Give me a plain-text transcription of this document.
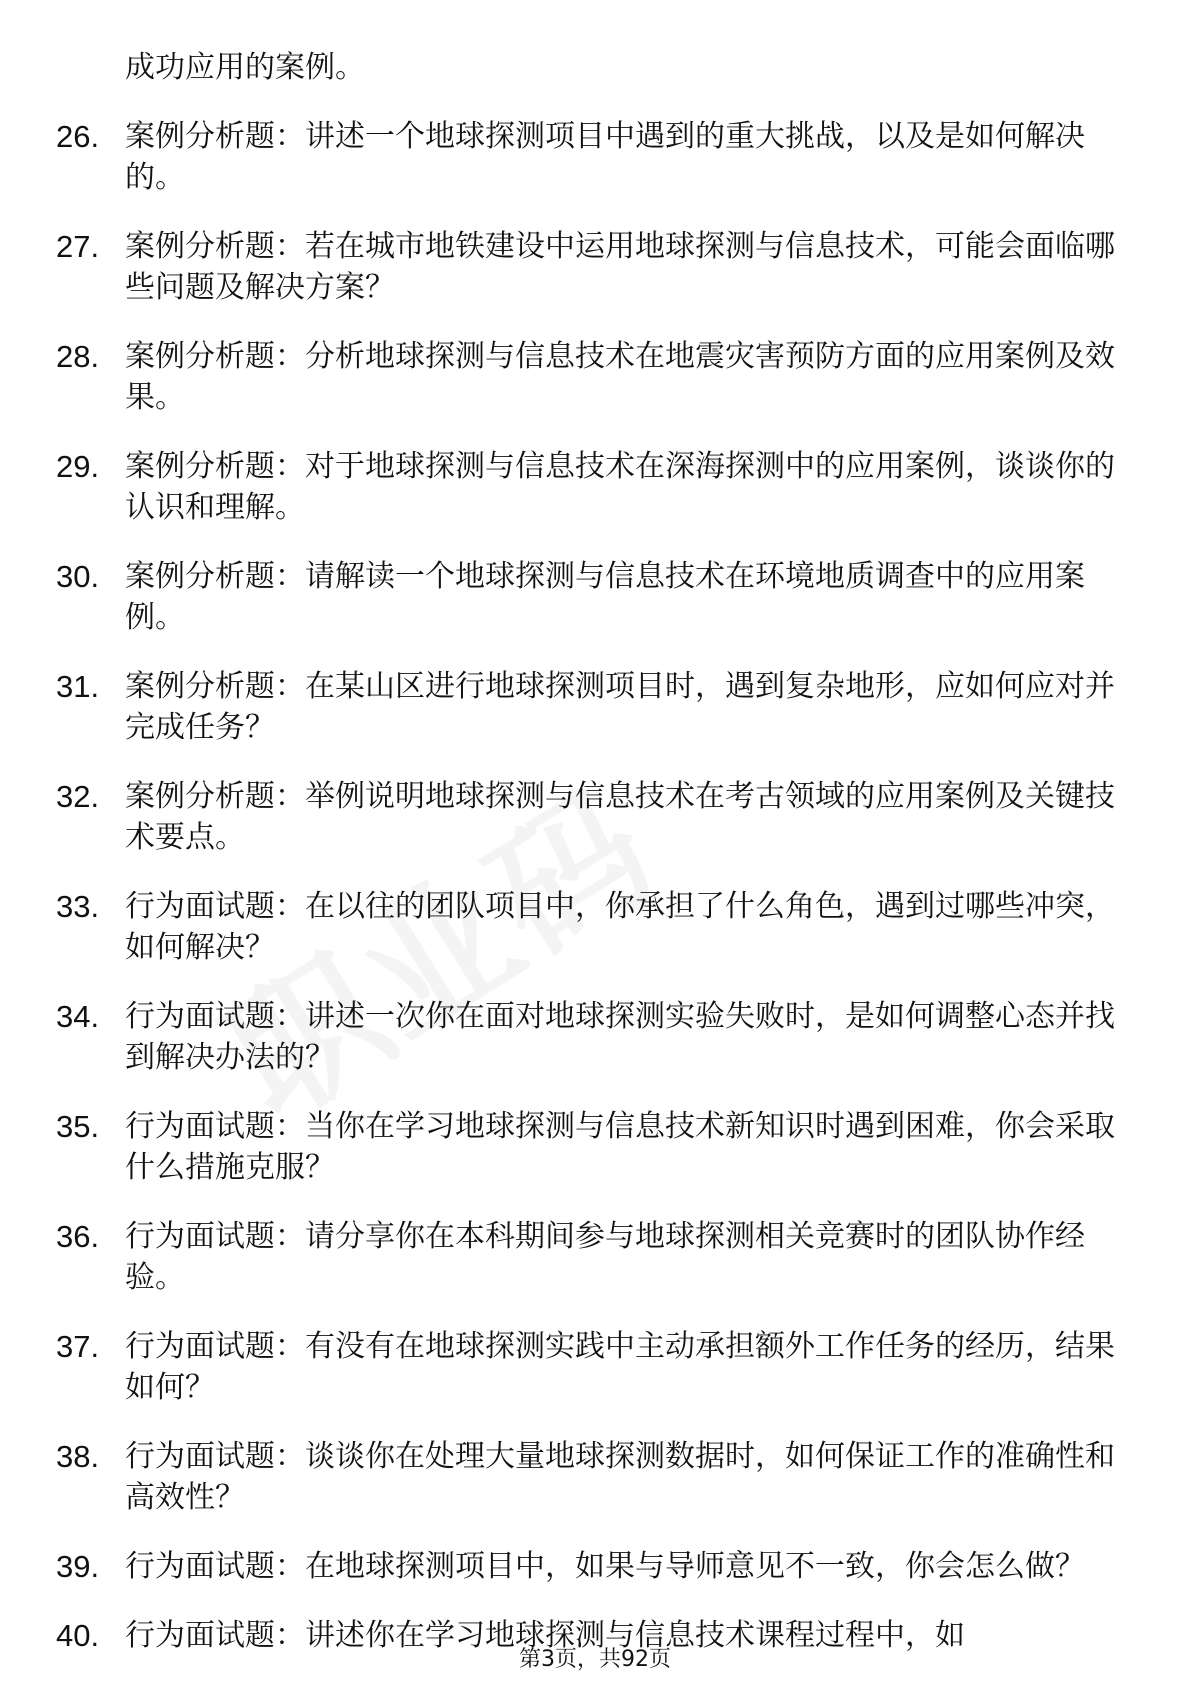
成功应用的案例。
26. 案例分析题：讲述一个地球探测项目中遇到的重大挑战，以及是如何解决的。
27. 案例分析题：若在城市地铁建设中运用地球探测与信息技术，可能会面临哪些问题及解决方案？
28. 案例分析题：分析地球探测与信息技术在地震灾害预防方面的应用案例及效果。
29. 案例分析题：对于地球探测与信息技术在深海探测中的应用案例，谈谈你的认识和理解。
30. 案例分析题：请解读一个地球探测与信息技术在环境地质调查中的应用案例。
31. 案例分析题：在某山区进行地球探测项目时，遇到复杂地形，应如何应对并完成任务？
32. 案例分析题：举例说明地球探测与信息技术在考古领域的应用案例及关键技术要点。
33. 行为面试题：在以往的团队项目中，你承担了什么角色，遇到过哪些冲突，如何解决？
34. 行为面试题：讲述一次你在面对地球探测实验失败时，是如何调整心态并找到解决办法的？
35. 行为面试题：当你在学习地球探测与信息技术新知识时遇到困难，你会采取什么措施克服？
36. 行为面试题：请分享你在本科期间参与地球探测相关竞赛时的团队协作经验。
37. 行为面试题：有没有在地球探测实践中主动承担额外工作任务的经历，结果如何？
38. 行为面试题：谈谈你在处理大量地球探测数据时，如何保证工作的准确性和高效性？
39. 行为面试题：在地球探测项目中，如果与导师意见不一致，你会怎么做？
40. 行为面试题：讲述你在学习地球探测与信息技术课程过程中，如
第3页，共92页
